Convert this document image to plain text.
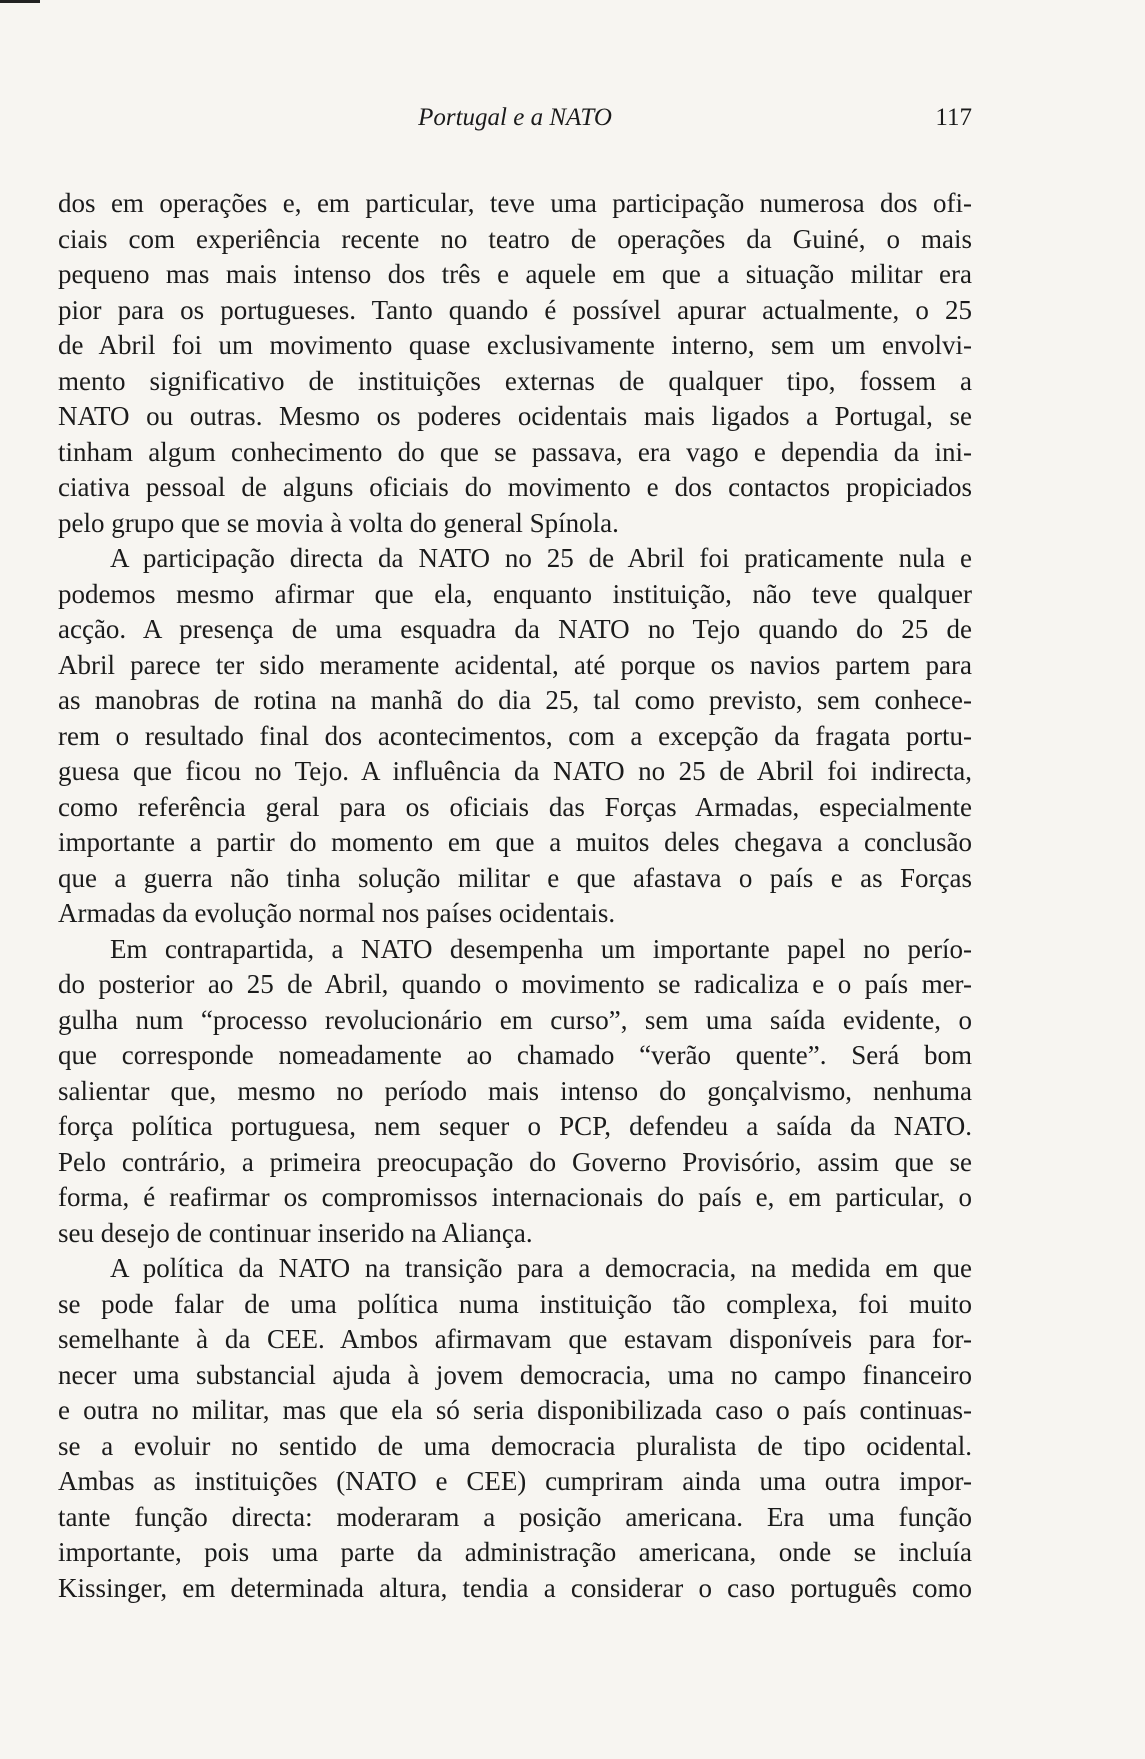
Portugal e a NATO	117

dos em operações e, em particular, teve uma participação numerosa dos ofi-
ciais com experiência recente no teatro de operações da Guiné, o mais
pequeno mas mais intenso dos três e aquele em que a situação militar era
pior para os portugueses. Tanto quando é possível apurar actualmente, o 25
de Abril foi um movimento quase exclusivamente interno, sem um envolvi-
mento significativo de instituições externas de qualquer tipo, fossem a
NATO ou outras. Mesmo os poderes ocidentais mais ligados a Portugal, se
tinham algum conhecimento do que se passava, era vago e dependia da ini-
ciativa pessoal de alguns oficiais do movimento e dos contactos propiciados
pelo grupo que se movia à volta do general Spínola.

A participação directa da NATO no 25 de Abril foi praticamente nula e
podemos mesmo afirmar que ela, enquanto instituição, não teve qualquer
acção. A presença de uma esquadra da NATO no Tejo quando do 25 de
Abril parece ter sido meramente acidental, até porque os navios partem para
as manobras de rotina na manhã do dia 25, tal como previsto, sem conhece-
rem o resultado final dos acontecimentos, com a excepção da fragata portu-
guesa que ficou no Tejo. A influência da NATO no 25 de Abril foi indirecta,
como referência geral para os oficiais das Forças Armadas, especialmente
importante a partir do momento em que a muitos deles chegava a conclusão
que a guerra não tinha solução militar e que afastava o país e as Forças
Armadas da evolução normal nos países ocidentais.

Em contrapartida, a NATO desempenha um importante papel no perío-
do posterior ao 25 de Abril, quando o movimento se radicaliza e o país mer-
gulha num “processo revolucionário em curso”, sem uma saída evidente, o
que corresponde nomeadamente ao chamado “verão quente”. Será bom
salientar que, mesmo no período mais intenso do gonçalvismo, nenhuma
força política portuguesa, nem sequer o PCP, defendeu a saída da NATO.
Pelo contrário, a primeira preocupação do Governo Provisório, assim que se
forma, é reafirmar os compromissos internacionais do país e, em particular, o
seu desejo de continuar inserido na Aliança.

A política da NATO na transição para a democracia, na medida em que
se pode falar de uma política numa instituição tão complexa, foi muito
semelhante à da CEE. Ambos afirmavam que estavam disponíveis para for-
necer uma substancial ajuda à jovem democracia, uma no campo financeiro
e outra no militar, mas que ela só seria disponibilizada caso o país continuas-
se a evoluir no sentido de uma democracia pluralista de tipo ocidental.
Ambas as instituições (NATO e CEE) cumpriram ainda uma outra impor-
tante função directa: moderaram a posição americana. Era uma função
importante, pois uma parte da administração americana, onde se incluía
Kissinger, em determinada altura, tendia a considerar o caso português como
